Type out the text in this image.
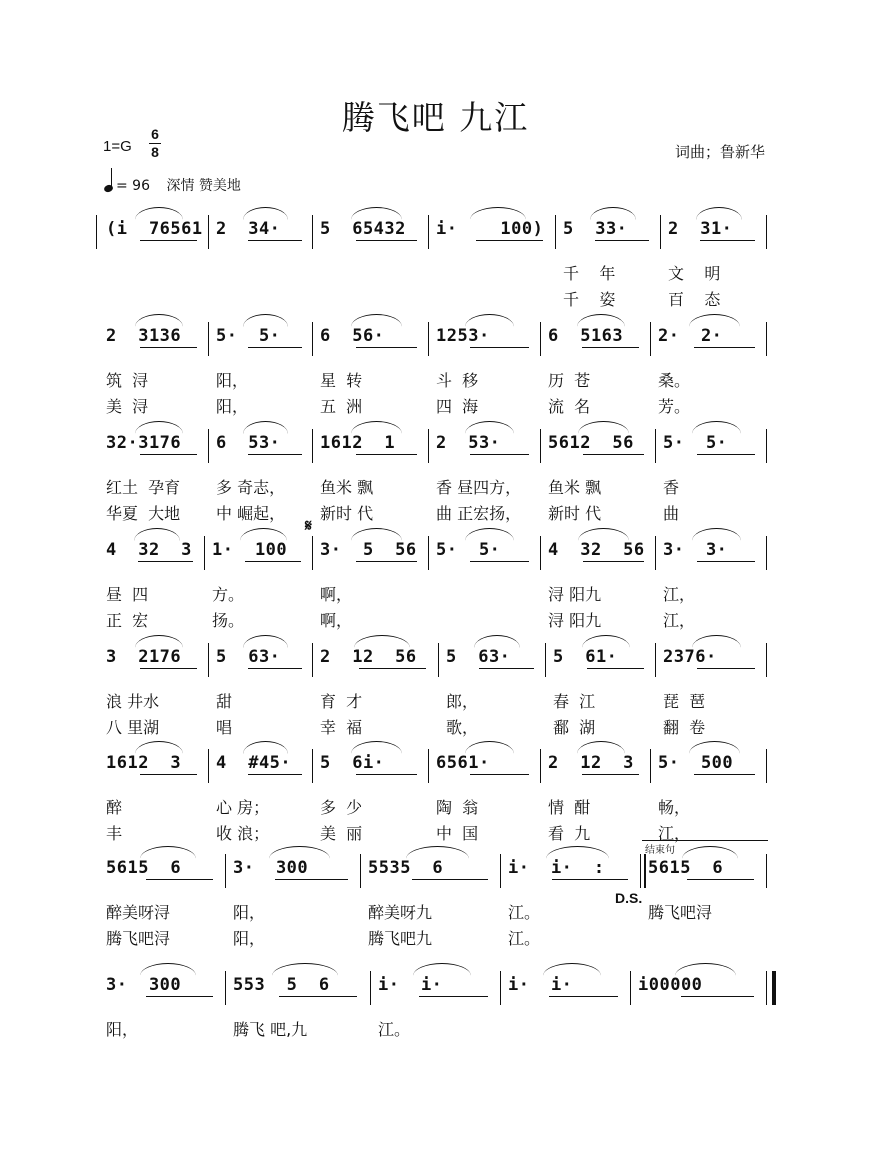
腾飞吧 九江
1=G
6
8	词曲；鲁新华
= 96 深情 赞美地
(i  76561 2  34· 5  65432 i·    100) 5  33·
千    年
千    姿
2  31·
文    明
百    态
2  3136
筑  浔
美  浔
5·  5·
阳，
阳，
6  56·
星  转
五  洲
1253·
斗  移
四  海
6  5163
历  苍
流  名
2·  2·
桑。
芳。
32·3176
红土  孕育
华夏  大地
6  53·
多 奇志，
中 崛起，
1612  1
鱼米 飘
新时 代
2  53·
香 昼四方，
曲 正宏扬，
5612  56
鱼米 飘
新时 代
5·  5·
香
曲
4  32  3
昼  四
正  宏
1·  100
方。
扬。
3·  5  56
啊，
啊，
5·  5·	4  32  56
浔 阳九
浔 阳九
3·  3·
江，
江，
𝄋
3  2176
浪 井水
八 里湖
5  63·
甜
唱
2  12  56
育  才
幸  福
5  63·
郎，
歌，
5  61·
春  江
鄱  湖
2376·
琵  琶
翻  卷
1612  3
醉
丰
4  #45·
心 房；
收 浪；
5  6i·
多  少
美  丽
6561·
陶  翁
中  国
2  12  3
情  酣
看  九
5·  500
畅，
江，
5615  6
醉美呀浔
腾飞吧浔
3·  300
阳，
阳，
5535  6
醉美呀九
腾飞吧九
i·  i·  :
江。
江。
5615  6
腾飞吧浔
D.S.
结束句
3·  300
阳，
553  5  6
腾飞 吧,九
i·  i·
江。
i·  i·	i00000
